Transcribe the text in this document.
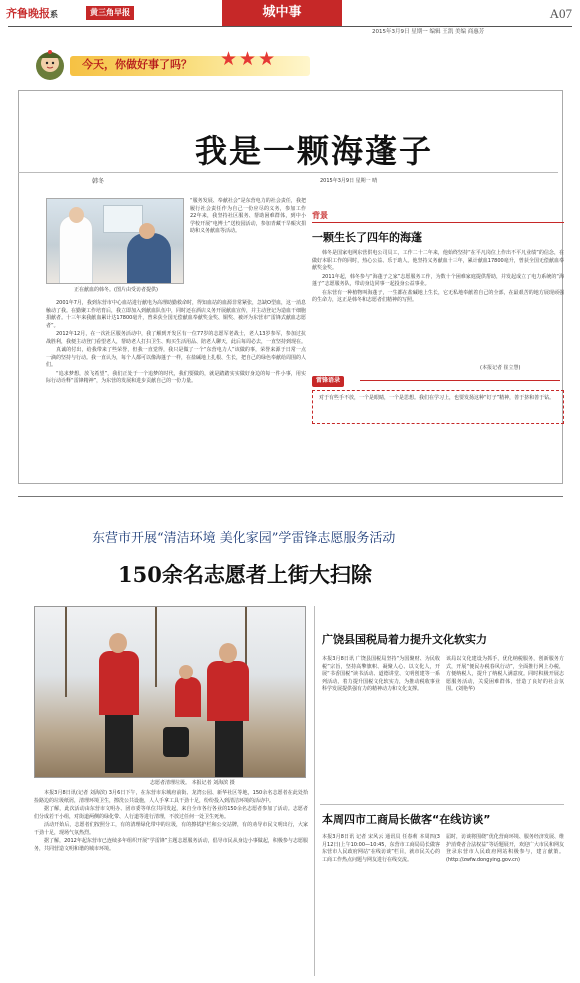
齐鲁晚报系	黄三角早报	城中事	A07
2015年3月9日 星期一 编辑 王凯 美编 商惠芳
今天，你做好事了吗？ ★★★
我是一颗海蓬子
韩冬	2015年3月9日 星期一 晴
正在献血的韩冬。(图片由受访者提供)
“服务发展、奉献社会”是东营电力的社会责任，我把履行社会责任作为自己一份应尽的义务，参加工作22年来，我坚持社区服务、帮助困难群体，到中小学校开展“电博士”送校园活动，参加青藏干旱赈灾捐助和义务献血等活动。

2001年7月，我到东营市中心血站进行献电为高理助勤救命时，得知血站的血源非常紧张，急缺O型血，这一消息触动了我。在勤聚工作培育后，我立即加入到献血队伍中，同时还在酒店义务开展献血宣传，并主动登记为造血干细胞捐献者。十三年来我献血累计达17800毫升，曾荣获全国无偿献血奉献奖金奖、铜奖、被评为东营市“雷锋式献血志愿者”。

2012年12月，在一次社区服务活动中，我了解到开发区有一位77岁的志愿军老战士，老人13岁参军，参加过抗战胜利，我便主动登门看望老人，帮助老人打扫卫生、购买生活用品、陪老人聊天，此后每周必去，一直坚持到现在。

真诚的付出，给我带来了些荣誉，但我一直觉得，我只是做了一个“东营电力人”该做的事，荣誉来源于日常一点一滴的坚持与行动。我一直认为，每个人都可以像海蓬子一样，在盐碱地上扎根、生长，把自己的绿色奉献给周围的人们。

“追求梦想，放飞希望”，我们正处于一个追梦的时代，我们要做的，就是踏踏实实做好身边的每一件小事，用实际行动诠释“雷锋精神”，为东营的发展和进步贡献自己的一份力量。

背景
一颗生长了四年的海蓬

韩冬是国家电网东营供电公司员工，工作二十二年来，他始终坚持“在平凡岗位上作出不平凡业绩”的信念，在做好本职工作的同时，热心公益、乐于助人。他坚持义务献血十三年，累计献血17800毫升，曾获全国无偿献血奉献奖金奖。

2011年起，韩冬参与“海蓬子之家”志愿服务工作，为数十个困难家庭提供帮助，并发起成立了电力系统的“海蓬子”志愿服务队，带动身边同事一起投身公益事业。

在东营有一种植物叫海蓬子，一生都在盐碱地上生长，它无私地奉献着自己的全部，在最艰苦的地方展现顽强的生命力，这正是韩冬和志愿者们精神的写照。

(本报记者 崔立慧)
雷锋语录
对于有些手不放，一个是眼睛，一个是思想。我们在学习上，也要发扬这种“钉子”精神，善于挤和善于钻。
东营市开展“清洁环境 美化家园”学雷锋志愿服务活动
150余名志愿者上街大扫除
志愿者清理垃圾。 本报记者 刘海滨 摄

本报3月8日讯(记者 刘海滨) 3月6日下午，在东营市东城府前街、龙湾公园、新华社区等地，150余名志愿者在此处拾捡路边的垃圾纸屑，清理环境卫生，擦洗公共设施，人人手拿工具干劲十足，纷纷投入到清洁环境的活动中。

据了解，此次活动由东营市文明办、团市委等单位共同发起，来自全市各行各业的150余名志愿者参加了活动。志愿者们分成若干小组，对街道两侧的绿化带、人行道等进行清理，不放过任何一处卫生死角。

活动开始后，志愿者们按照分工，有的清理绿化带中的垃圾，有的擦拭护栏和公交站牌，有的劝导市民文明出行，大家干劲十足，现场气氛热烈。

据了解，2012年起东营市已连续多年组织开展“学雷锋”主题志愿服务活动，倡导市民从身边小事做起，积极参与志愿服务，共同营造文明和谐的城市环境。

广饶县国税局着力提升文化软实力
本报3月8日讯 广饶县国税局坚持“为国聚财、为民收税”宗旨，坚持高擎旗帜、凝聚人心、以文化人，开展“书香国税”读书活动、道德讲堂、文明创建等一系列活动，着力提升国税文化软实力，为推动税收事业科学发展提供强有力的精神动力和文化支撑。
该局以文化建设为抓手，优化纳税服务，创新服务方式，开展“便民办税春风行动”，全面推行网上办税，方便纳税人，提升了纳税人满意度。同时积极开展志愿服务活动，关爱困难群体，营造了良好的社会氛围。(刘艳华)
本周四市工商局长做客“在线访谈”
本报3月8日讯 记者 宋风云 通讯员 任春莉 本周四(3月12日)上午10:00—10:45，东营市工商局局长做客东营市人民政府网站“在线访谈”栏目，就市民关心的工商工作热点问题与网友进行在线交流。
届时，访谈将围绕“优化营商环境、服务经济发展、维护消费者合法权益”等话题展开，欢迎广大市民和网友登录东营市人民政府网站积极参与，建言献策。(http://zwfw.dongying.gov.cn)
